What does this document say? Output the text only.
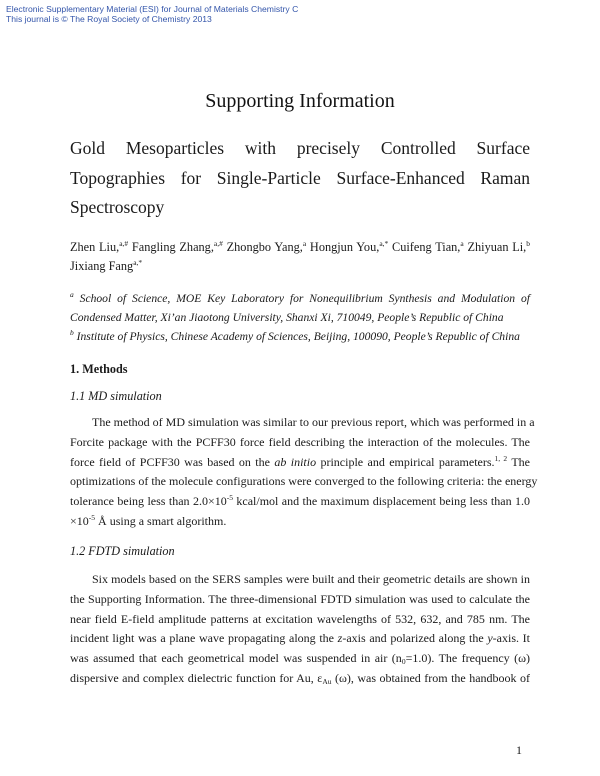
Electronic Supplementary Material (ESI) for Journal of Materials Chemistry C
This journal is © The Royal Society of Chemistry 2013
Supporting Information
Gold Mesoparticles with precisely Controlled Surface
Topographies for Single-Particle Surface-Enhanced Raman
Spectroscopy
Zhen Liu,$^{a,\#}$ Fangling Zhang,$^{a,\#}$ Zhongbo Yang,$^a$ Hongjun You,$^{a,*}$ Cuifeng Tian,$^a$ Zhiyuan Li,$^b$
Jixiang Fang$^{a,*}$
$^a$ School of Science, MOE Key Laboratory for Nonequilibrium Synthesis and Modulation of
Condensed Matter, Xi’an Jiaotong University, Shanxi Xi, 710049, People’s Republic of China
$^b$ Institute of Physics, Chinese Academy of Sciences, Beijing, 100090, People’s Republic of China
1. Methods
1.1 MD simulation
The method of MD simulation was similar to our previous report, which was performed in a
Forcite package with the PCFF30 force field describing the interaction of the molecules. The
force field of PCFF30 was based on the ab initio principle and empirical parameters.$^{1, 2}$ The
optimizations of the molecule configurations were converged to the following criteria: the energy
tolerance being less than $2.0\times 10^{-5}$ kcal/mol and the maximum displacement being less than 1.0
$\times 10^{-5}$ Å using a smart algorithm.
1.2 FDTD simulation
Six models based on the SERS samples were built and their geometric details are shown in
the Supporting Information. The three-dimensional FDTD simulation was used to calculate the
near field E-field amplitude patterns at excitation wavelengths of 532, 632, and 785 nm. The
incident light was a plane wave propagating along the z-axis and polarized along the y-axis. It
was assumed that each geometrical model was suspended in air $(n_0=1.0)$. The frequency (ω)
dispersive and complex dielectric function for Au, $\varepsilon_{Au}$ (ω), was obtained from the handbook of
1
